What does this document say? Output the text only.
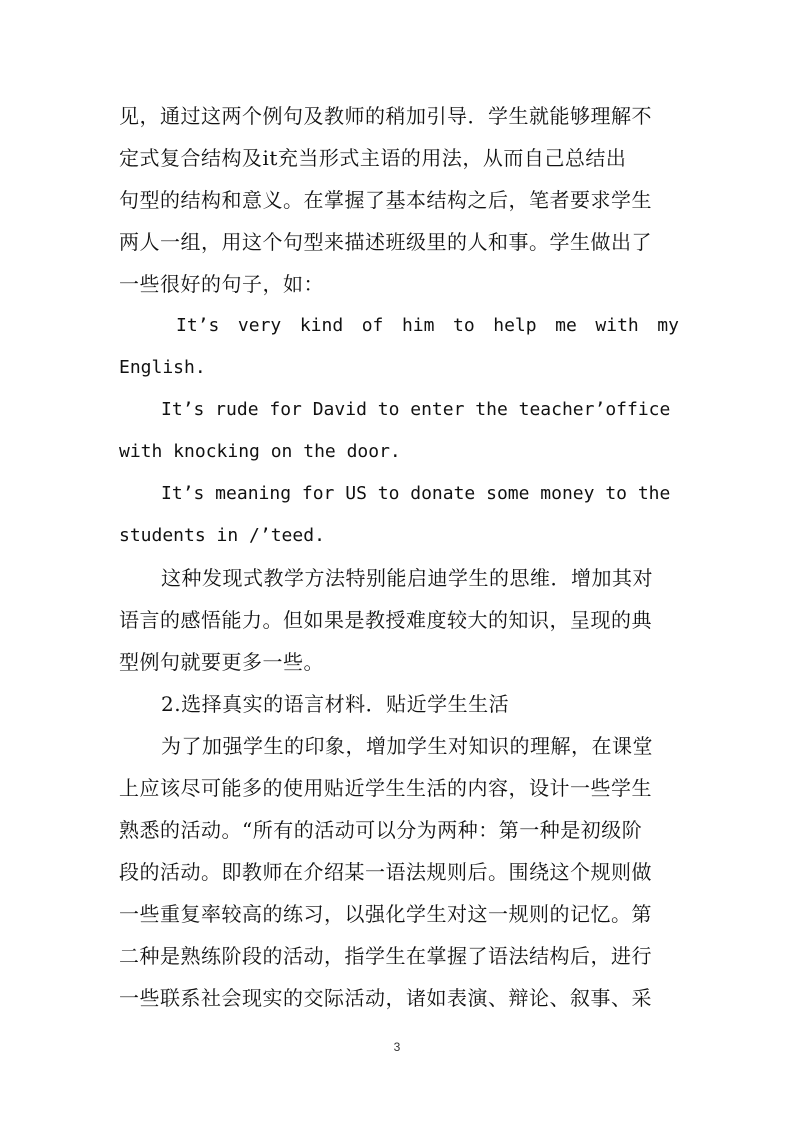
见，通过这两个例句及教师的稍加引导．学生就能够理解不
定式复合结构及it充当形式主语的用法，从而自己总结出
句型的结构和意义。在掌握了基本结构之后，笔者要求学生
两人一组，用这个句型来描述班级里的人和事。学生做出了
一些很好的句子，如：
It’s very kind of him to help me with my
English.
It’s rude for David to enter the teacher’office
with knocking on the door.
It’s meaning for US to donate some money to the
students in /’teed.
这种发现式教学方法特别能启迪学生的思维．增加其对
语言的感悟能力。但如果是教授难度较大的知识，呈现的典
型例句就要更多一些。
2.选择真实的语言材料．贴近学生生活
为了加强学生的印象，增加学生对知识的理解，在课堂
上应该尽可能多的使用贴近学生生活的内容，设计一些学生
熟悉的活动。“所有的活动可以分为两种：第一种是初级阶
段的活动。即教师在介绍某一语法规则后。围绕这个规则做
一些重复率较高的练习，以强化学生对这一规则的记忆。第
二种是熟练阶段的活动，指学生在掌握了语法结构后，进行
一些联系社会现实的交际活动，诸如表演、辩论、叙事、采
3
